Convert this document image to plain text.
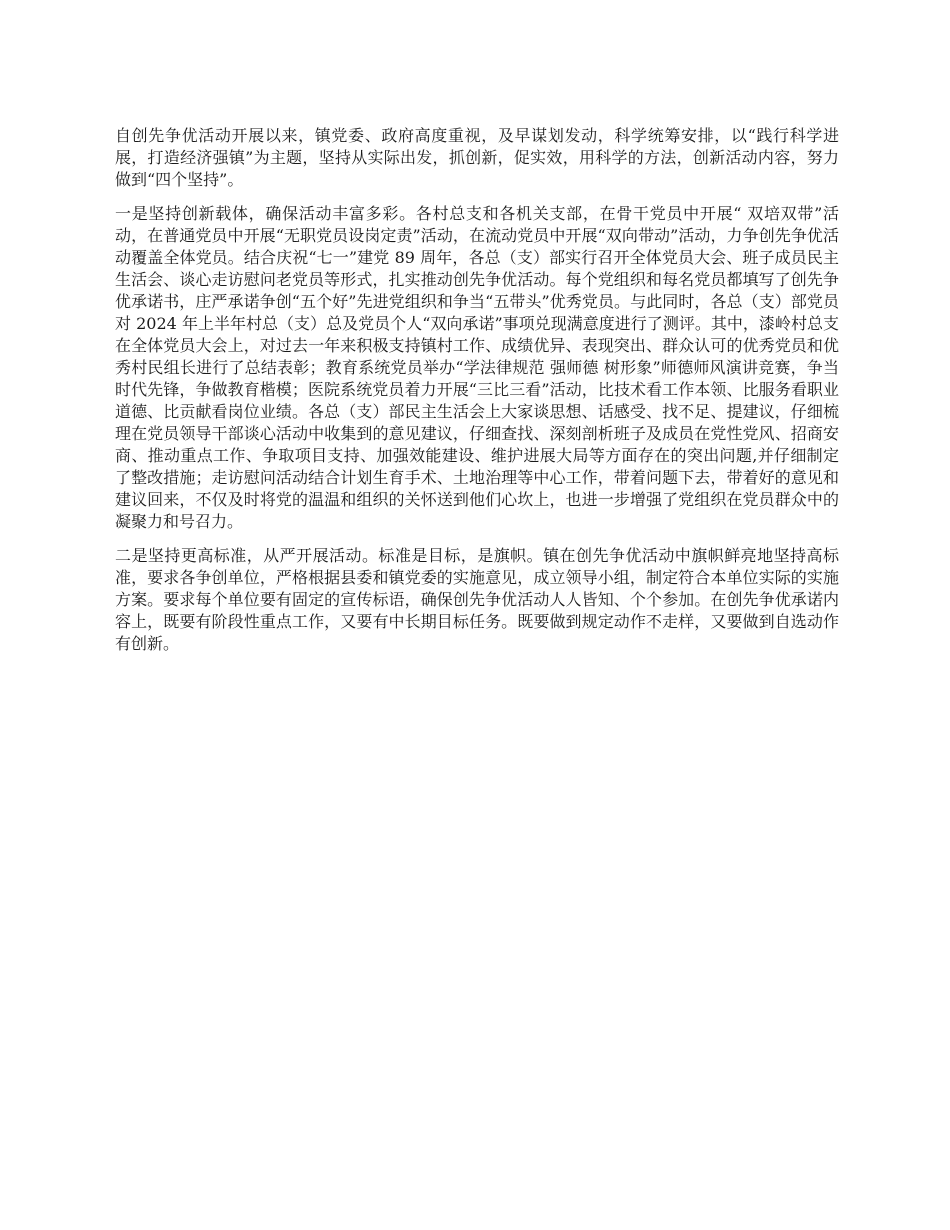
自创先争优活动开展以来，镇党委、政府高度重视，及早谋划发动，科学统筹安排，以“践行科学进展，打造经济强镇”为主题，坚持从实际出发，抓创新，促实效，用科学的方法，创新活动内容，努力做到“四个坚持”。

一是坚持创新载体，确保活动丰富多彩。各村总支和各机关支部，在骨干党员中开展“ 双培双带”活动，在普通党员中开展“无职党员设岗定责”活动，在流动党员中开展“双向带动”活动，力争创先争优活动覆盖全体党员。结合庆祝“七一”建党 89 周年，各总（支）部实行召开全体党员大会、班子成员民主生活会、谈心走访慰问老党员等形式，扎实推动创先争优活动。每个党组织和每名党员都填写了创先争优承诺书，庄严承诺争创“五个好”先进党组织和争当“五带头”优秀党员。与此同时，各总（支）部党员对 2024 年上半年村总（支）总及党员个人“双向承诺”事项兑现满意度进行了测评。其中，漆岭村总支在全体党员大会上，对过去一年来积极支持镇村工作、成绩优异、表现突出、群众认可的优秀党员和优秀村民组长进行了总结表彰；教育系统党员举办“学法律规范 强师德 树形象”师德师风演讲竞赛，争当时代先锋，争做教育楷模；医院系统党员着力开展“三比三看”活动，比技术看工作本领、比服务看职业道德、比贡献看岗位业绩。各总（支）部民主生活会上大家谈思想、话感受、找不足、提建议，仔细梳理在党员领导干部谈心活动中收集到的意见建议，仔细查找、深刻剖析班子及成员在党性党风、招商安商、推动重点工作、争取项目支持、加强效能建设、维护进展大局等方面存在的突出问题,并仔细制定了整改措施；走访慰问活动结合计划生育手术、土地治理等中心工作，带着问题下去，带着好的意见和建议回来，不仅及时将党的温温和组织的关怀送到他们心坎上，也进一步增强了党组织在党员群众中的凝聚力和号召力。

二是坚持更高标准，从严开展活动。标准是目标，是旗帜。镇在创先争优活动中旗帜鲜亮地坚持高标准，要求各争创单位，严格根据县委和镇党委的实施意见，成立领导小组，制定符合本单位实际的实施方案。要求每个单位要有固定的宣传标语，确保创先争优活动人人皆知、个个参加。在创先争优承诺内容上，既要有阶段性重点工作，又要有中长期目标任务。既要做到规定动作不走样，又要做到自选动作有创新。
